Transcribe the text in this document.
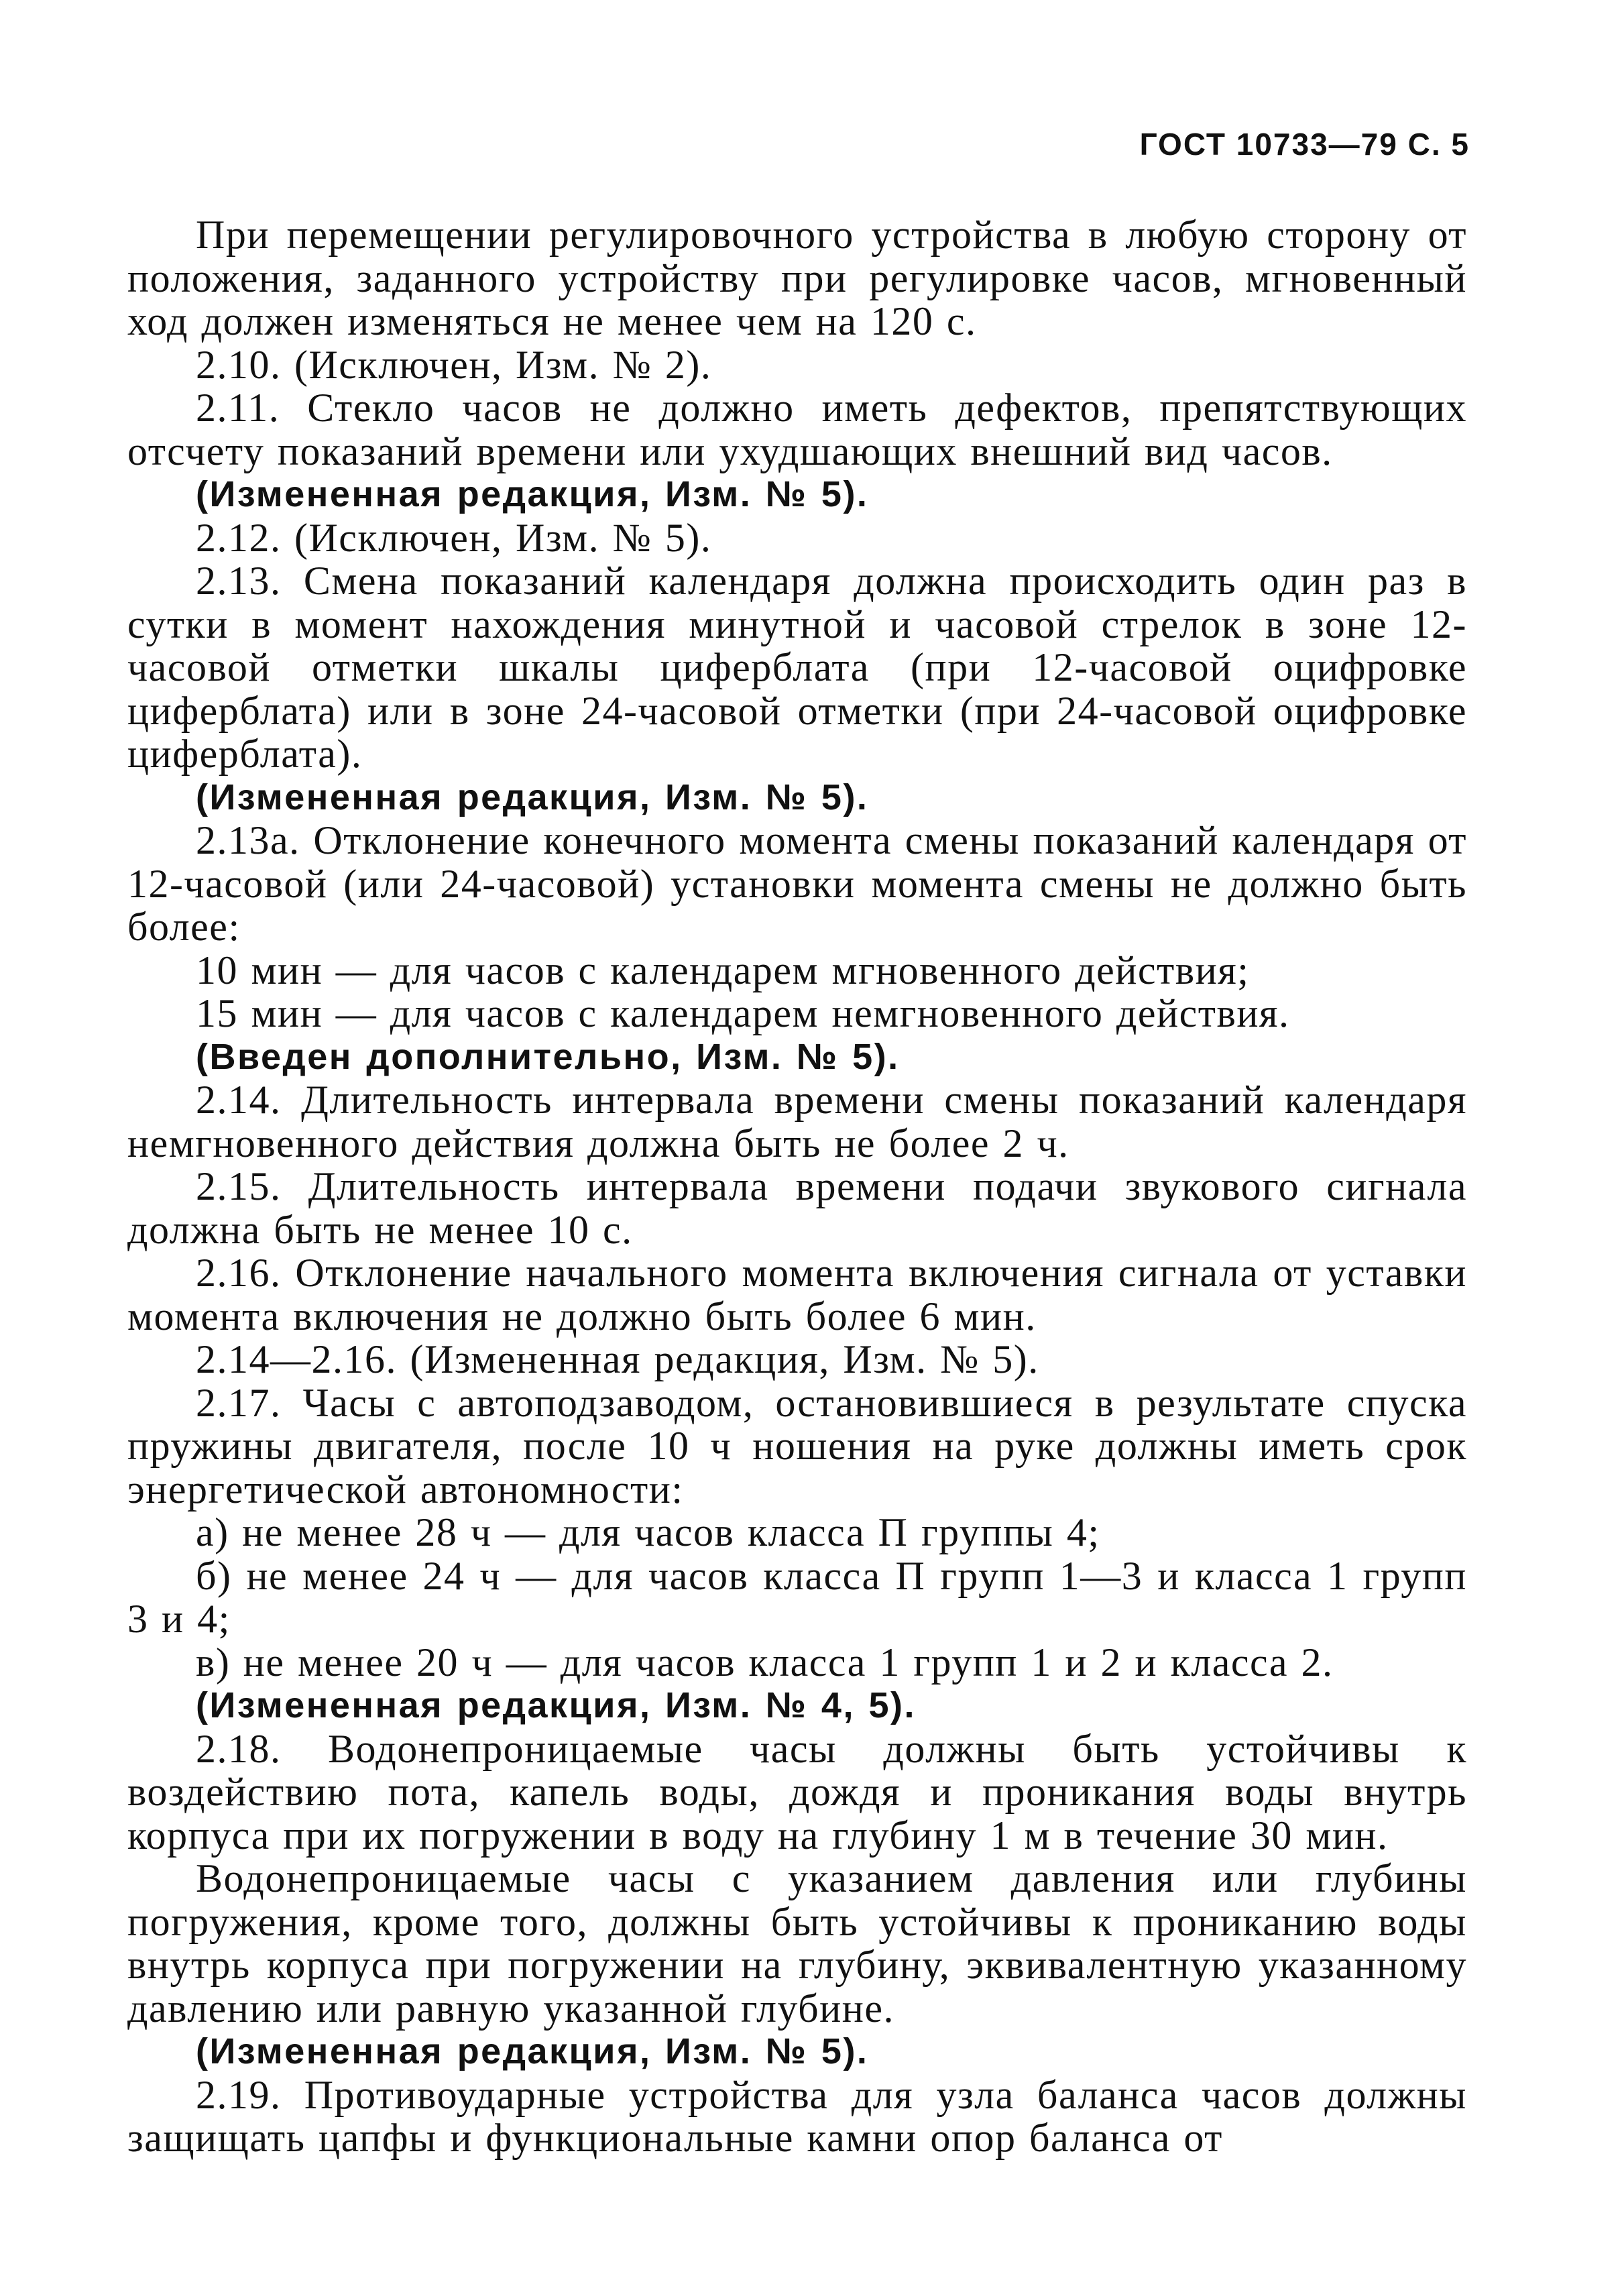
ГОСТ 10733—79 С. 5

При перемещении регулировочного устройства в любую сторону от положения, заданного устройству при регулировке часов, мгновенный ход должен изменяться не менее чем на 120 с.

2.10. (Исключен, Изм. № 2).

2.11. Стекло часов не должно иметь дефектов, препятствующих отсчету показаний времени или ухудшающих внешний вид часов.

(Измененная редакция, Изм. № 5).

2.12. (Исключен, Изм. № 5).

2.13. Смена показаний календаря должна происходить один раз в сутки в момент нахождения минутной и часовой стрелок в зоне 12-часовой отметки шкалы циферблата (при 12-часовой оцифровке циферблата) или в зоне 24-часовой отметки (при 24-часовой оцифровке циферблата).

(Измененная редакция, Изм. № 5).

2.13а. Отклонение конечного момента смены показаний календаря от 12-часовой (или 24-часовой) установки момента смены не должно быть более:

10 мин — для часов с календарем мгновенного действия;

15 мин — для часов с календарем немгновенного действия.

(Введен дополнительно, Изм. № 5).

2.14. Длительность интервала времени смены показаний календаря немгновенного действия должна быть не более 2 ч.

2.15. Длительность интервала времени подачи звукового сигнала должна быть не менее 10 с.

2.16. Отклонение начального момента включения сигнала от уставки момента включения не должно быть более 6 мин.

2.14—2.16. (Измененная редакция, Изм. № 5).

2.17. Часы с автоподзаводом, остановившиеся в результате спуска пружины двигателя, после 10 ч ношения на руке должны иметь срок энергетической автономности:

а) не менее 28 ч — для часов класса П группы 4;

б) не менее 24 ч — для часов класса П групп 1—3 и класса 1 групп 3 и 4;

в) не менее 20 ч — для часов класса 1 групп 1 и 2 и класса 2.

(Измененная редакция, Изм. № 4, 5).

2.18. Водонепроницаемые часы должны быть устойчивы к воздействию пота, капель воды, дождя и проникания воды внутрь корпуса при их погружении в воду на глубину 1 м в течение 30 мин.

Водонепроницаемые часы с указанием давления или глубины погружения, кроме того, должны быть устойчивы к прониканию воды внутрь корпуса при погружении на глубину, эквивалентную указанному давлению или равную указанной глубине.

(Измененная редакция, Изм. № 5).

2.19. Противоударные устройства для узла баланса часов должны защищать цапфы и функциональные камни опор баланса от
